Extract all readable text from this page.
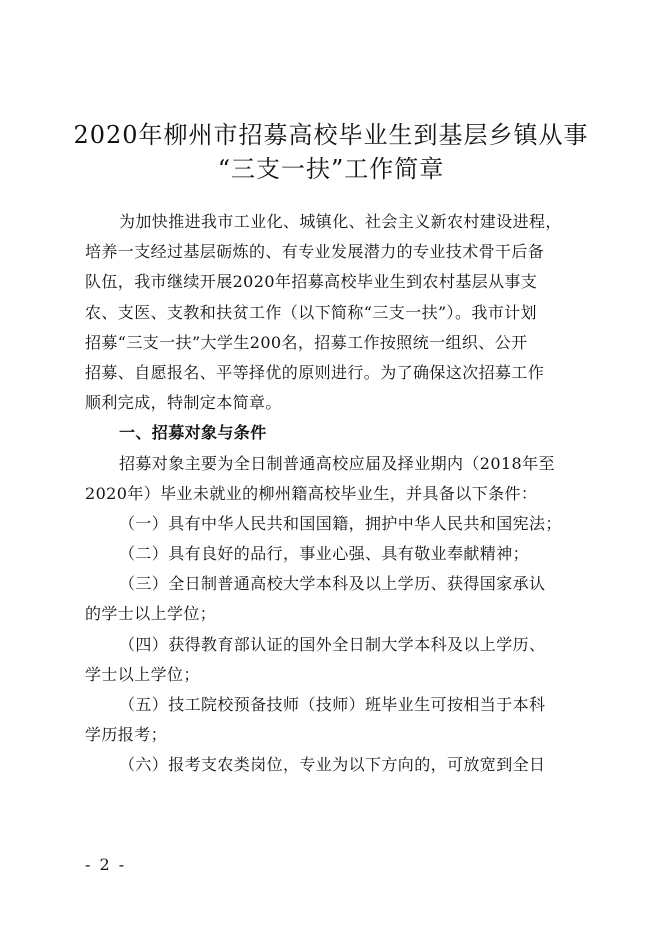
2020年柳州市招募高校毕业生到基层乡镇从事
“三支一扶”工作简章
为加快推进我市工业化、城镇化、社会主义新农村建设进程，
培养一支经过基层砺炼的、有专业发展潜力的专业技术骨干后备
队伍，我市继续开展2020年招募高校毕业生到农村基层从事支
农、支医、支教和扶贫工作（以下简称“三支一扶”）。我市计划
招募“三支一扶”大学生200名，招募工作按照统一组织、公开
招募、自愿报名、平等择优的原则进行。为了确保这次招募工作
顺利完成，特制定本简章。
一、招募对象与条件
招募对象主要为全日制普通高校应届及择业期内（2018年至
2020年）毕业未就业的柳州籍高校毕业生，并具备以下条件：
（一）具有中华人民共和国国籍，拥护中华人民共和国宪法；
（二）具有良好的品行，事业心强、具有敬业奉献精神；
（三）全日制普通高校大学本科及以上学历、获得国家承认
的学士以上学位；
（四）获得教育部认证的国外全日制大学本科及以上学历、
学士以上学位；
（五）技工院校预备技师（技师）班毕业生可按相当于本科
学历报考；
（六）报考支农类岗位，专业为以下方向的，可放宽到全日
- 2 -
